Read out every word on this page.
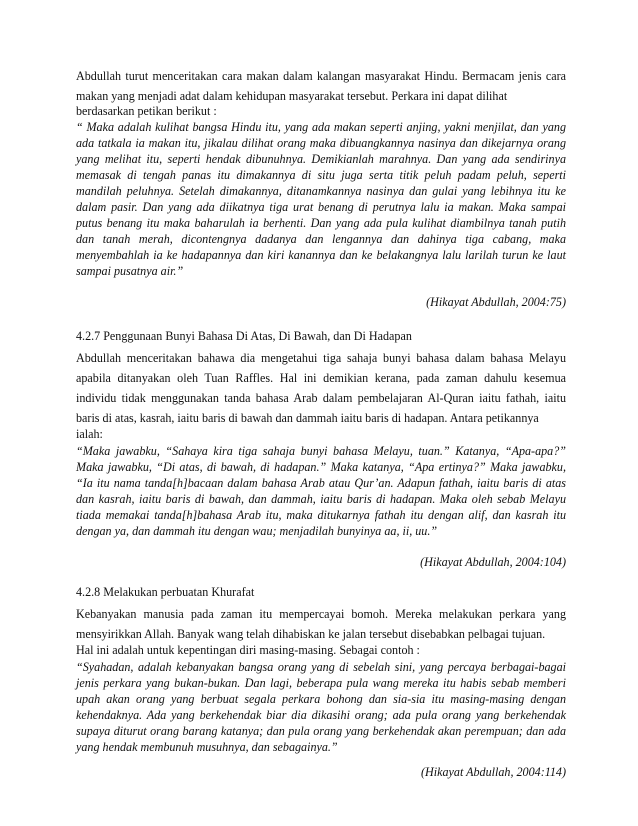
Abdullah turut menceritakan cara makan dalam kalangan masyarakat Hindu. Bermacam jenis cara makan yang menjadi adat dalam kehidupan masyarakat tersebut. Perkara ini dapat dilihat

berdasarkan petikan berikut :

“ Maka adalah kulihat bangsa Hindu itu, yang ada makan seperti anjing, yakni menjilat, dan yang ada tatkala ia makan itu, jikalau dilihat orang maka dibuangkannya nasinya dan dikejarnya orang yang melihat itu, seperti hendak dibunuhnya. Demikianlah marahnya. Dan yang ada sendirinya memasak di tengah panas itu dimakannya di situ juga serta titik peluh padam peluh, seperti mandilah peluhnya. Setelah dimakannya, ditanamkannya nasinya dan gulai yang lebihnya itu ke dalam pasir. Dan yang ada diikatnya tiga urat benang di perutnya lalu ia makan. Maka sampai putus benang itu maka baharulah ia berhenti. Dan yang ada pula kulihat diambilnya tanah putih dan tanah merah, dicontengnya dadanya dan lengannya dan dahinya tiga cabang, maka menyembahlah ia ke hadapannya dan kiri kanannya dan ke belakangnya lalu larilah turun ke laut sampai pusatnya air.”

(Hikayat Abdullah, 2004:75)

4.2.7 Penggunaan Bunyi Bahasa Di Atas, Di Bawah, dan Di Hadapan

Abdullah menceritakan bahawa dia mengetahui tiga sahaja bunyi bahasa dalam bahasa Melayu apabila ditanyakan oleh Tuan Raffles. Hal ini demikian kerana, pada zaman dahulu kesemua individu tidak menggunakan tanda bahasa Arab dalam pembelajaran Al-Quran iaitu fathah, iaitu baris di atas, kasrah, iaitu baris di bawah dan dammah iaitu baris di hadapan. Antara petikannya

ialah:

“Maka jawabku, “Sahaya kira tiga sahaja bunyi bahasa Melayu, tuan.” Katanya, “Apa-apa?” Maka jawabku, “Di atas, di bawah, di hadapan.” Maka katanya, “Apa ertinya?” Maka jawabku, “Ia itu nama tanda[h]bacaan dalam bahasa Arab atau Qur’an. Adapun fathah, iaitu baris di atas dan kasrah, iaitu baris di bawah, dan dammah, iaitu baris di hadapan. Maka oleh sebab Melayu tiada memakai tanda[h]bahasa Arab itu, maka ditukarnya fathah itu dengan alif, dan kasrah itu dengan ya, dan dammah itu dengan wau; menjadilah bunyinya aa, ii, uu.”

(Hikayat Abdullah, 2004:104)

4.2.8 Melakukan perbuatan Khurafat

Kebanyakan manusia pada zaman itu mempercayai bomoh. Mereka melakukan perkara yang mensyirikkan Allah. Banyak wang telah dihabiskan ke jalan tersebut disebabkan pelbagai tujuan.

Hal ini adalah untuk kepentingan diri masing-masing. Sebagai contoh :

“Syahadan, adalah kebanyakan bangsa orang yang di sebelah sini, yang percaya berbagai-bagai jenis perkara yang bukan-bukan. Dan lagi, beberapa pula wang mereka itu habis sebab memberi upah akan orang yang berbuat segala perkara bohong dan sia-sia itu masing-masing dengan kehendaknya. Ada yang berkehendak biar dia dikasihi orang; ada pula orang yang berkehendak supaya diturut orang barang katanya; dan pula orang yang berkehendak akan perempuan; dan ada yang hendak membunuh musuhnya, dan sebagainya.”

(Hikayat Abdullah, 2004:114)
